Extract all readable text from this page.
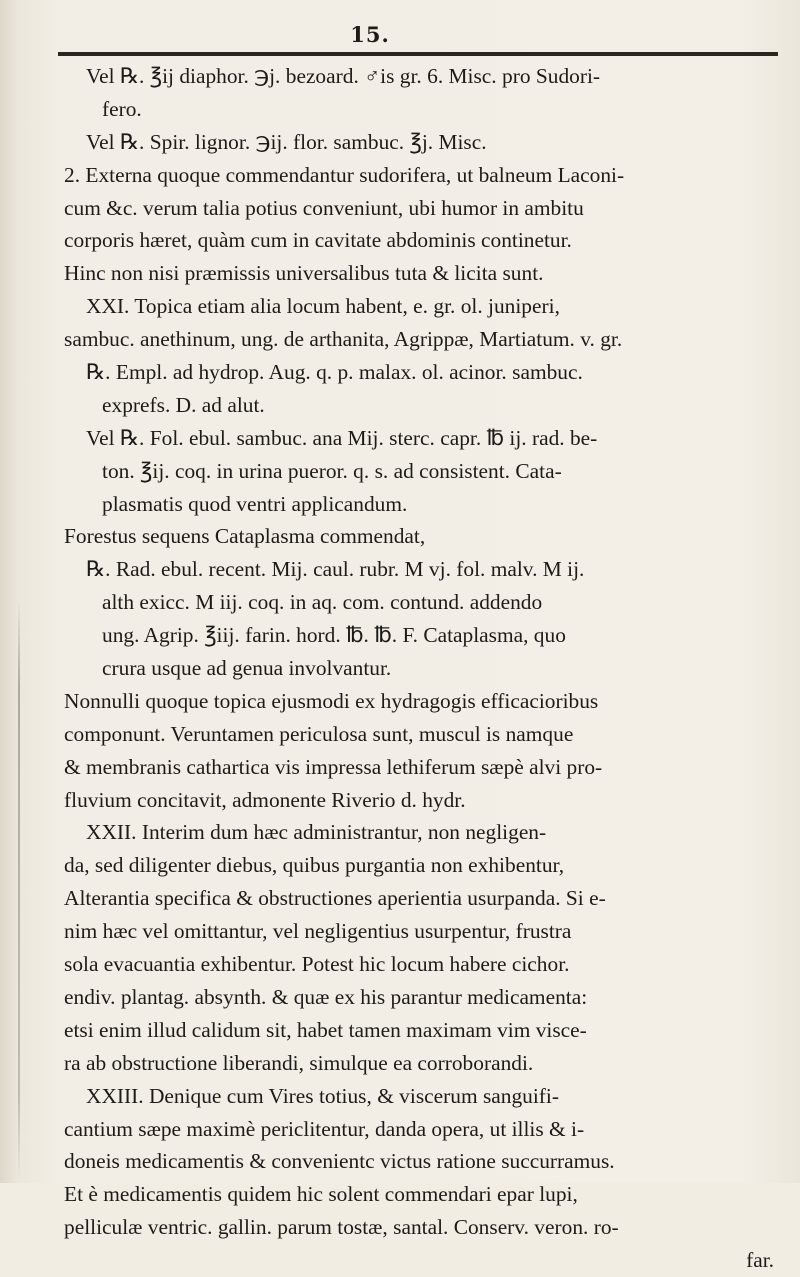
15.
Vel ℞. ℥ij diaphor. ℈j. bezoard. ♂is gr. 6. Misc. pro Sudori-
fero.
Vel ℞. Spir. lignor. ℈ij. flor. sambuc. ℥j. Misc.
2. Externa quoque commendantur sudorifera, ut balneum Laconi-
cum &c. verum talia potius conveniunt, ubi humor in ambitu
corporis hæret, quàm cum in cavitate abdominis continetur.
Hinc non nisi præmissis universalibus tuta & licita sunt.
XXI. Topica etiam alia locum habent, e. gr. ol. juniperi,
sambuc. anethinum, ung. de arthanita, Agrippæ, Martiatum. v. gr.
℞. Empl. ad hydrop. Aug. q. p. malax. ol. acinor. sambuc.
exprefs. D. ad alut.
Vel ℞. Fol. ebul. sambuc. ana Mij. sterc. capr. ℔ ij. rad. be-
ton. ℥ij. coq. in urina pueror. q. s. ad consistent. Cata-
plasmatis quod ventri applicandum.
Forestus sequens Cataplasma commendat,
℞. Rad. ebul. recent. Mij. caul. rubr. M vj. fol. malv. M ij.
alth exicc. M iij. coq. in aq. com. contund. addendo
ung. Agrip. ℥iij. farin. hord. ℔. ℔. F. Cataplasma, quo
crura usque ad genua involvantur.
Nonnulli quoque topica ejusmodi ex hydragogis efficacioribus
componunt. Veruntamen periculosa sunt, muscul is namque
& membranis cathartica vis impressa lethiferum sæpè alvi pro-
fluvium concitavit, admonente Riverio d. hydr.
XXII. Interim dum hæc administrantur, non negligen-
da, sed diligenter diebus, quibus purgantia non exhibentur,
Alterantia specifica & obstructiones aperientia usurpanda. Si e-
nim hæc vel omittantur, vel negligentius usurpentur, frustra
sola evacuantia exhibentur. Potest hic locum habere cichor.
endiv. plantag. absynth. & quæ ex his parantur medicamenta:
etsi enim illud calidum sit, habet tamen maximam vim visce-
ra ab obstructione liberandi, simulque ea corroborandi.
XXIII. Denique cum Vires totius, & viscerum sanguifi-
cantium sæpe maximè periclitentur, danda opera, ut illis & i-
doneis medicamentis & convenientc victus ratione succurramus.
Et è medicamentis quidem hic solent commendari epar lupi,
pelliculæ ventric. gallin. parum tostæ, santal. Conserv. veron. ro-
far.
